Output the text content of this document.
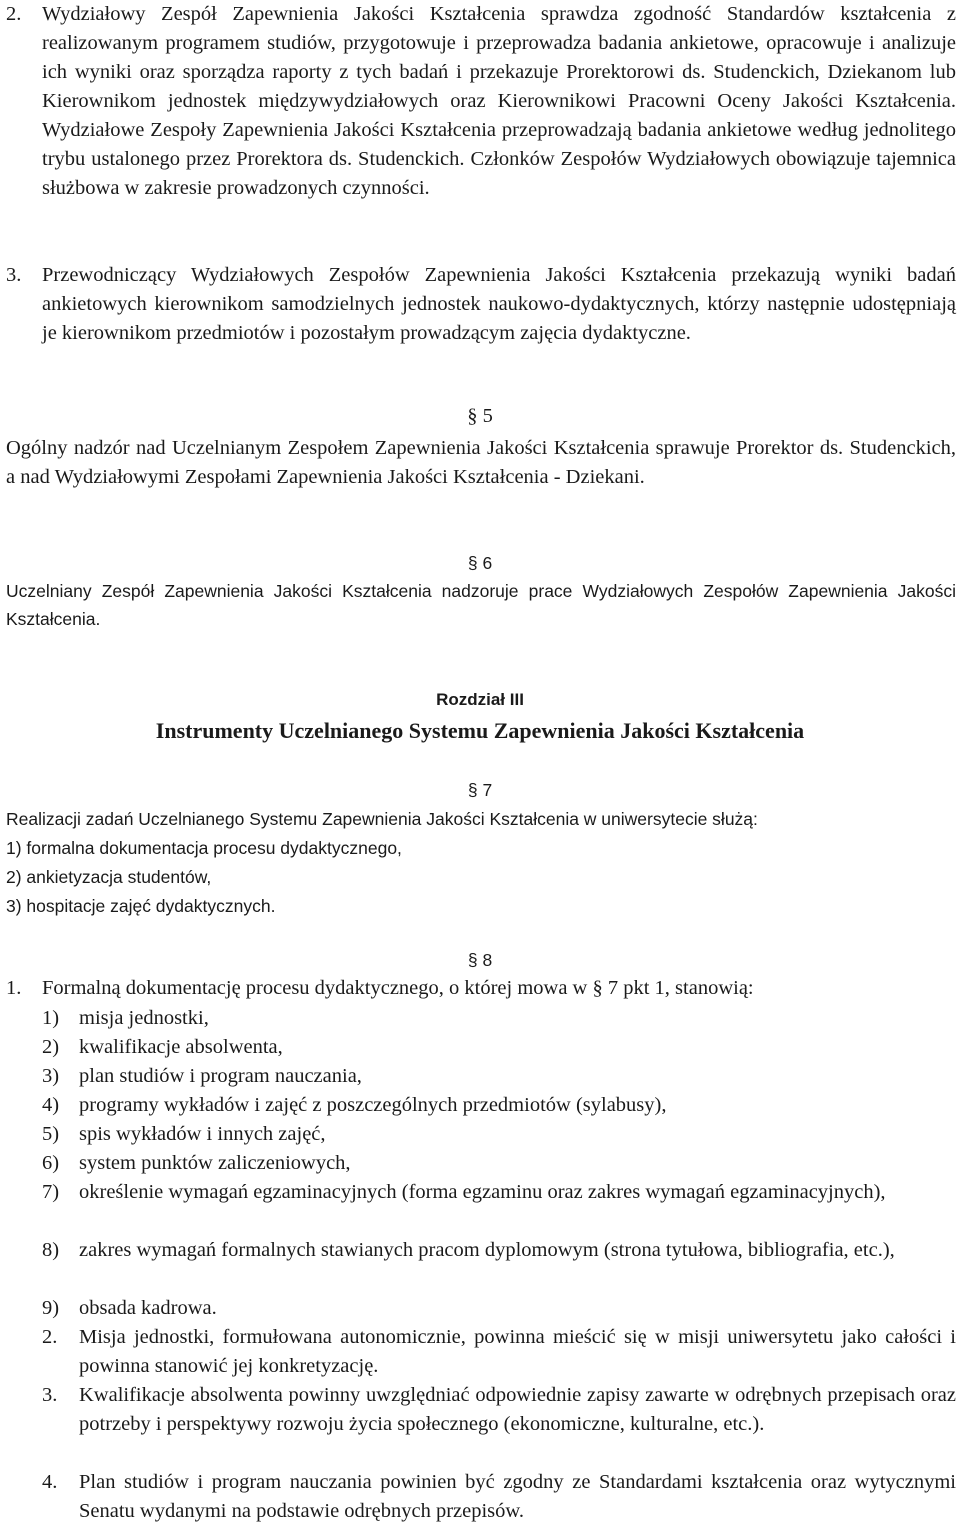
2. Wydziałowy Zespół Zapewnienia Jakości Kształcenia sprawdza zgodność Standardów kształcenia z realizowanym programem studiów, przygotowuje i przeprowadza badania ankietowe, opracowuje i analizuje ich wyniki oraz sporządza raporty z tych badań i przekazuje Prorektorowi ds. Studenckich, Dziekanom lub Kierownikom jednostek międzywydziałowych oraz Kierownikowi Pracowni Oceny Jakości Kształcenia. Wydziałowe Zespoły Zapewnienia Jakości Kształcenia przeprowadzają badania ankietowe według jednolitego trybu ustalonego przez Prorektora ds. Studenckich. Członków Zespołów Wydziałowych obowiązuje tajemnica służbowa w zakresie prowadzonych czynności.
3. Przewodniczący Wydziałowych Zespołów Zapewnienia Jakości Kształcenia przekazują wyniki badań ankietowych kierownikom samodzielnych jednostek naukowo-dydaktycznych, którzy następnie udostępniają je kierownikom przedmiotów i pozostałym prowadzącym zajęcia dydaktyczne.
§ 5
Ogólny nadzór nad Uczelnianym Zespołem Zapewnienia Jakości Kształcenia sprawuje Prorektor ds. Studenckich, a nad Wydziałowymi Zespołami Zapewnienia Jakości Kształcenia - Dziekani.
§ 6
Uczelniany Zespół Zapewnienia Jakości Kształcenia nadzoruje prace Wydziałowych Zespołów Zapewnienia Jakości Kształcenia.
Rozdział III
Instrumenty Uczelnianego Systemu Zapewnienia Jakości Kształcenia
§ 7
Realizacji zadań Uczelnianego Systemu Zapewnienia Jakości Kształcenia w uniwersytecie służą:
1) formalna dokumentacja procesu dydaktycznego,
2) ankietyzacja studentów,
3) hospitacje zajęć dydaktycznych.
§ 8
1. Formalną dokumentację procesu dydaktycznego, o której mowa w § 7 pkt 1, stanowią:
1) misja jednostki,
2) kwalifikacje absolwenta,
3) plan studiów i program nauczania,
4) programy wykładów i zajęć z poszczególnych przedmiotów (sylabusy),
5) spis wykładów i innych zajęć,
6) system punktów zaliczeniowych,
7) określenie wymagań egzaminacyjnych (forma egzaminu oraz zakres wymagań egzaminacyjnych),
8) zakres wymagań formalnych stawianych pracom dyplomowym (strona tytułowa, bibliografia, etc.),
9) obsada kadrowa.
2. Misja jednostki, formułowana autonomicznie, powinna mieścić się w misji uniwersytetu jako całości i powinna stanowić jej konkretyzację.
3. Kwalifikacje absolwenta powinny uwzględniać odpowiednie zapisy zawarte w odrębnych przepisach oraz potrzeby i perspektywy rozwoju życia społecznego (ekonomiczne, kulturalne, etc.).
4. Plan studiów i program nauczania powinien być zgodny ze Standardami kształcenia oraz wytycznymi Senatu wydanymi na podstawie odrębnych przepisów.
